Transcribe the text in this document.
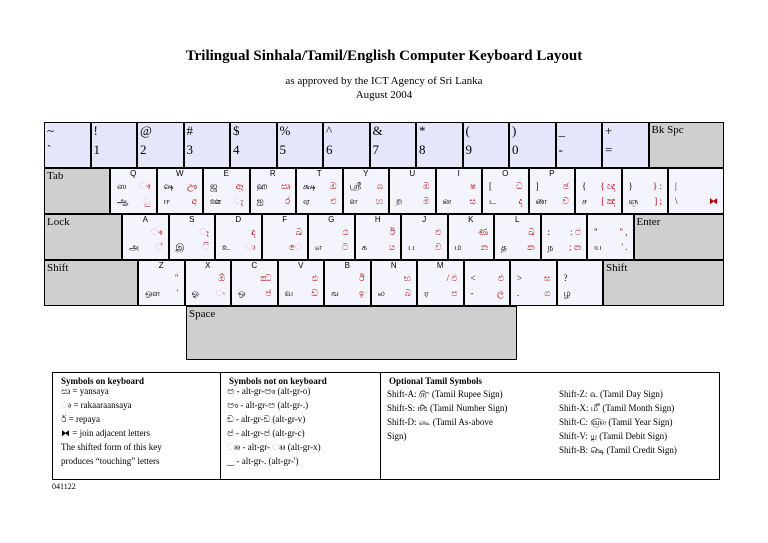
Trilingual Sinhala/Tamil/English Computer Keyboard Layout
as approved by the ICT Agency of Sri Lanka
August 2004
~
`
!
1
@
2
#
3
$
4
%
5
^
6
&
7
*
8
(
9
)
0
_
-
+
=
Bk Spc
Tab	Q
ஸ ෟ
ஆ ු
W
ஷ ඌ
ஈ අ
E
ஜ ඈ
ஊ ැ
R
ஹ ඍ
ஐ ර
T
க்ஷ ඔ
ஏ එ
Y
ஸ்ரீ ශ
ள හ
U
ඹ
ற ම
I
ෂ
ன ස
O
[	ධ
ட ද
P
]	ඡ
ண ච
{ { ඥ
ச [ ඤ
} } :
ஞ ] ;
|
\	⧓
Lock	A
ෳ
அ ්
S
ෑ
இ ි
D
ඳ
உ ා
F
ඛ
ෙ
G
ඨ
எ ට
H
ඊ
க ය
J
ළු
ப ව
K
ණ
ம න
L
ඛ
த ක
: : ථ
ந ; ත
" " ,
ய ' .
Enter
Shift	Z
"
ஔ '
X
ඕ
ஓ ං
C
ඣ
ஒ ජ
V
ඪ
வ ඩ
B
ඊ
ங ඉ
N
භ
ல බ
M
/ ඵ
ர	ප
< ඵ
-	ල
> ඝ
.	ග
?
ழ
Shift
Space
Symbols on keyboard
ඍ = yansaya
ෘ = rakaaraansaya
ර් = repaya
⧓ = join adjacent letters
The shifted form of this key
produces “touching” letters
Symbols not on keyboard
ඏ - alt-gr-ඐ (alt-gr-o)
ඐ - alt-gr-ඏ (alt-gr-.)
ඞ - alt-gr-ඞ (alt-gr-v)
ඦ - alt-gr-ඦ (alt-gr-c)
ෲ - alt-gr- ෲ (alt-gr-x)
‿ - alt-gr-. (alt-gr-')
Optional Tamil Symbols
Shift-A: ௹ (Tamil Rupee Sign)
Shift-S: ௺ (Tamil Number Sign)
Shift-D: ௷ (Tamil As-above
Sign)
Shift-Z: ௳ (Tamil Day Sign)
Shift-X: ௴ (Tamil Month Sign)
Shift-C: ௵ (Tamil Year Sign)
Shift-V: ௶ (Tamil Debit Sign)
Shift-B: ௸ (Tamil Credit Sign)
041122
